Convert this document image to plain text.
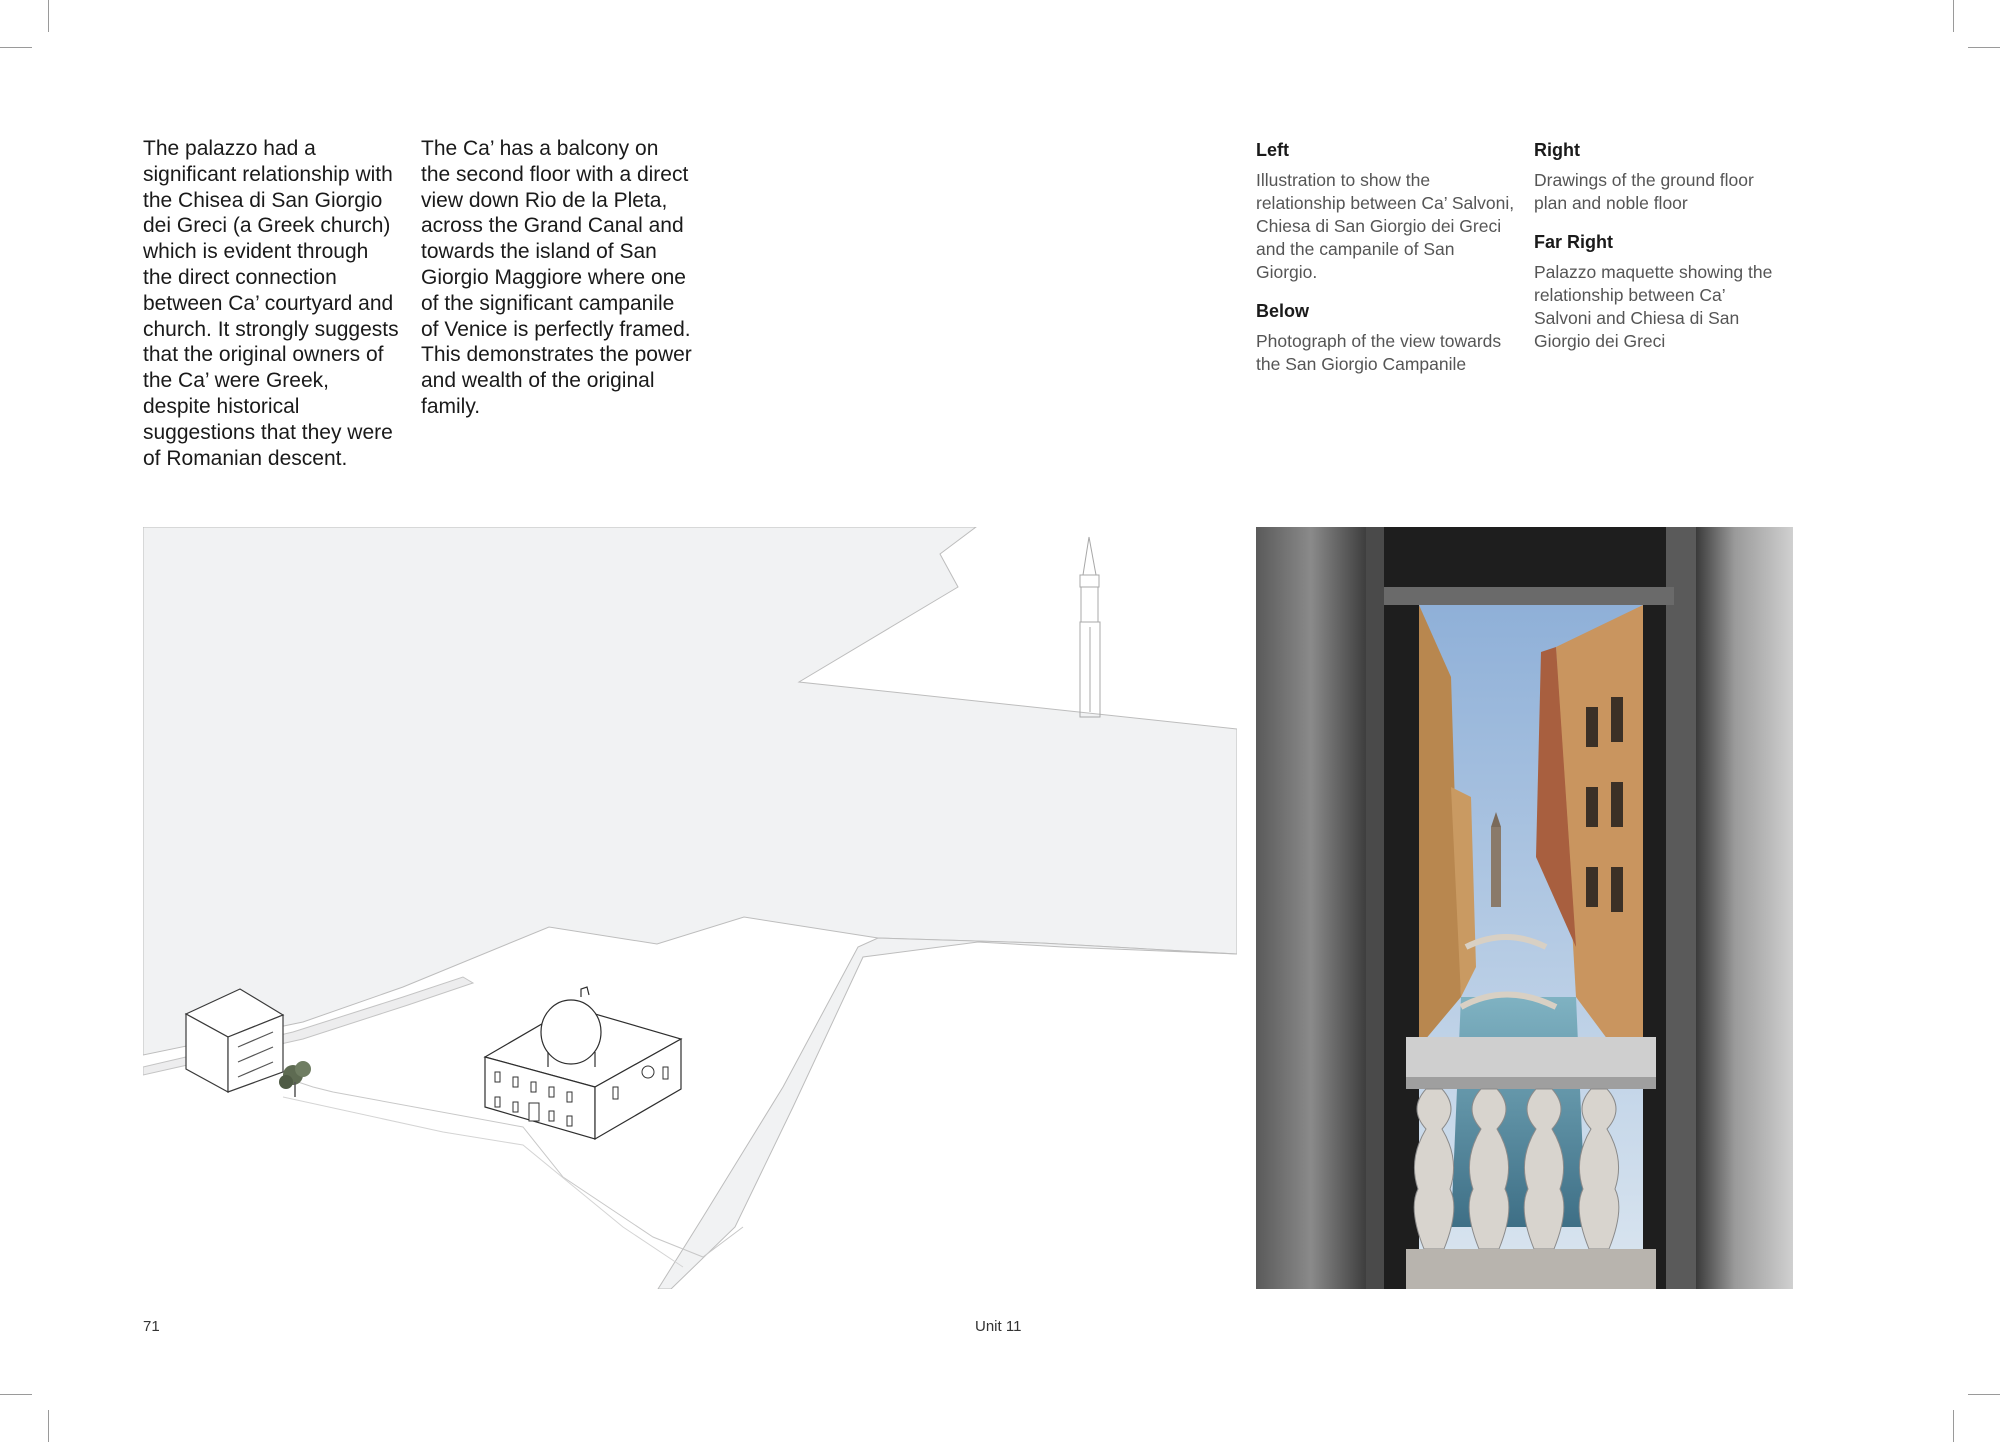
The palazzo had a significant relationship with the Chisea di San Giorgio dei Greci (a Greek church) which is evident through the direct connection between Ca’ courtyard and church. It strongly suggests that the original owners of the Ca’ were Greek, despite historical suggestions that they were of Romanian descent.

The Ca’ has a balcony on the second floor with a direct view down Rio de la Pleta, across the Grand Canal and towards the island of San Giorgio Maggiore where one of the significant campanile of Venice is perfectly framed. This demonstrates the power and wealth of the original family.

Left
Illustration to show the relationship between Ca’ Salvoni, Chiesa di San Giorgio dei Greci and the campanile of San Giorgio.
Below
Photograph of the view towards the San Giorgio Campanile
Right
Drawings of the ground floor plan and noble floor
Far Right
Palazzo maquette showing the relationship between Ca’ Salvoni and Chiesa di San Giorgio dei Greci
71	Unit 11
